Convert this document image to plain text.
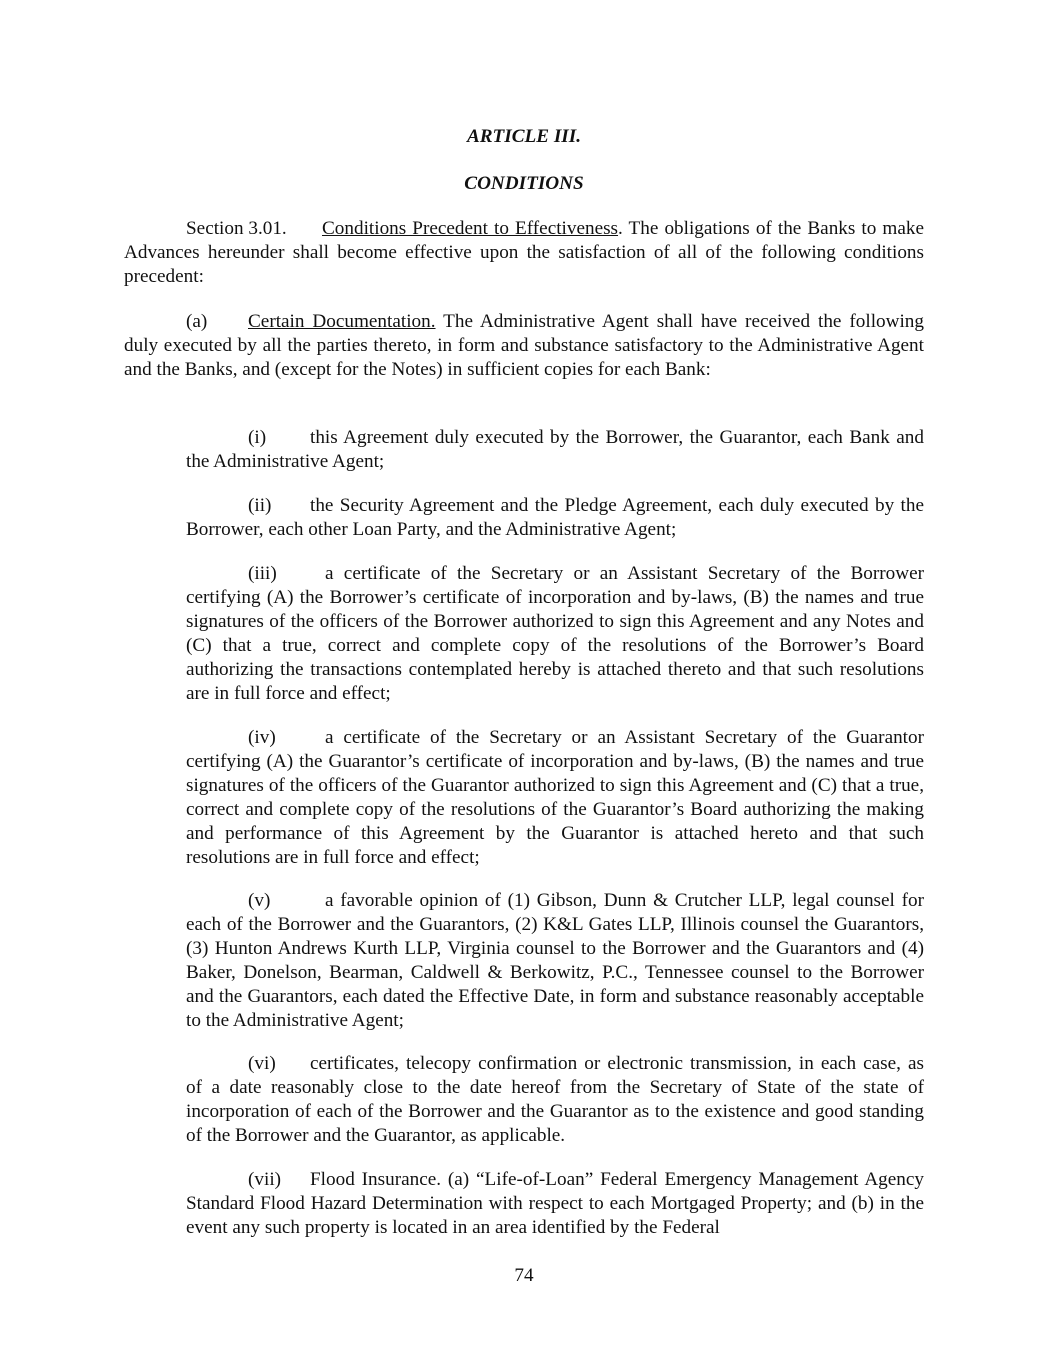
ARTICLE III.

CONDITIONS

Section 3.01. Conditions Precedent to Effectiveness. The obligations of the Banks to make Advances hereunder shall become effective upon the satisfaction of all of the following conditions precedent:

(a) Certain Documentation. The Administrative Agent shall have received the following duly executed by all the parties thereto, in form and substance satisfactory to the Administrative Agent and the Banks, and (except for the Notes) in sufficient copies for each Bank:

(i) this Agreement duly executed by the Borrower, the Guarantor, each Bank and the Administrative Agent;

(ii) the Security Agreement and the Pledge Agreement, each duly executed by the Borrower, each other Loan Party, and the Administrative Agent;

(iii)	a certificate of the Secretary or an Assistant Secretary of the Borrower certifying (A) the Borrower’s certificate of incorporation and by-laws, (B) the names and true signatures of the officers of the Borrower authorized to sign this Agreement and any Notes and (C) that a true, correct and complete copy of the resolutions of the Borrower’s Board authorizing the transactions contemplated hereby is attached thereto and that such resolutions are in full force and effect;

(iv)	a certificate of the Secretary or an Assistant Secretary of the Guarantor certifying (A) the Guarantor’s certificate of incorporation and by-laws, (B) the names and true signatures of the officers of the Guarantor authorized to sign this Agreement and (C) that a true, correct and complete copy of the resolutions of the Guarantor’s Board authorizing the making and performance of this Agreement by the Guarantor is attached hereto and that such resolutions are in full force and effect;

(v)	a favorable opinion of (1) Gibson, Dunn & Crutcher LLP, legal counsel for each of the Borrower and the Guarantors, (2) K&L Gates LLP, Illinois counsel the Guarantors, (3) Hunton Andrews Kurth LLP, Virginia counsel to the Borrower and the Guarantors and (4) Baker, Donelson, Bearman, Caldwell & Berkowitz, P.C., Tennessee counsel to the Borrower and the Guarantors, each dated the Effective Date, in form and substance reasonably acceptable to the Administrative Agent;

(vi) certificates, telecopy confirmation or electronic transmission, in each case, as of a date reasonably close to the date hereof from the Secretary of State of the state of incorporation of each of the Borrower and the Guarantor as to the existence and good standing of the Borrower and the Guarantor, as applicable.

(vii) Flood Insurance. (a) “Life-of-Loan” Federal Emergency Management Agency Standard Flood Hazard Determination with respect to each Mortgaged Property; and (b) in the event any such property is located in an area identified by the Federal

74
